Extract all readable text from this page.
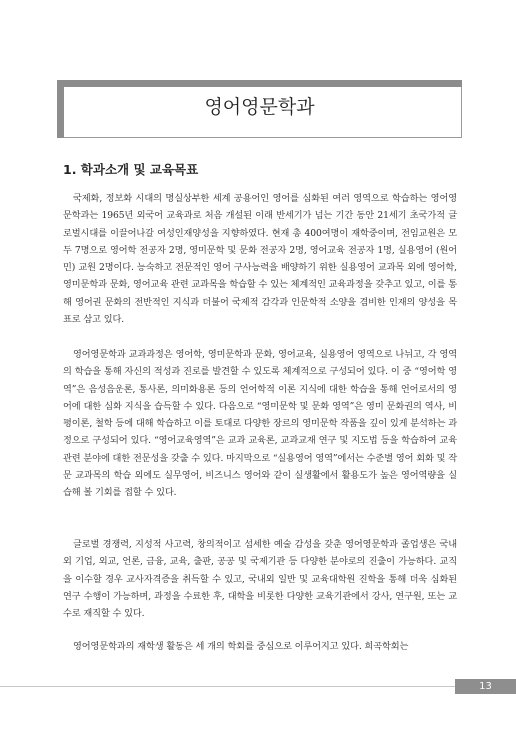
영어영문학과
1. 학과소개 및 교육목표

국제화, 정보화 시대의 명실상부한 세계 공용어인 영어를 심화된 여러 영역으로 학습하는 영어영문학과는 1965년 외국어 교육과로 처음 개설된 이래 반세기가 넘는 기간 동안 21세기 초국가적 글로벌시대를 이끌어나갈 여성인재양성을 지향하였다. 현재 총 400여명이 재학중이며, 전임교원은 모두 7명으로 영어학 전공자 2명, 영미문학 및 문화 전공자 2명, 영어교육 전공자 1명, 실용영어 (원어민) 교원 2명이다. 능숙하고 전문적인 영어 구사능력을 배양하기 위한 실용영어 교과목 외에 영어학, 영미문학과 문화, 영어교육 관련 교과목을 학습할 수 있는 체계적인 교육과정을 갖추고 있고, 이를 통해 영어권 문화의 전반적인 지식과 더불어 국제적 감각과 인문학적 소양을 겸비한 인재의 양성을 목표로 삼고 있다.

영어영문학과 교과과정은 영어학, 영미문학과 문화, 영어교육, 실용영어 영역으로 나뉘고, 각 영역의 학습을 통해 자신의 적성과 진로를 발견할 수 있도록 체계적으로 구성되어 있다. 이 중 “영어학 영역”은 음성음운론, 통사론, 의미화용론 등의 언어학적 이론 지식에 대한 학습을 통해 언어로서의 영어에 대한 심화 지식을 습득할 수 있다. 다음으로 “영미문학 및 문화 영역”은 영미 문화권의 역사, 비평이론, 철학 등에 대해 학습하고 이를 토대로 다양한 장르의 영미문학 작품을 깊이 있게 분석하는 과정으로 구성되어 있다. “영어교육영역”은 교과 교육론, 교과교재 연구 및 지도법 등을 학습하여 교육 관련 분야에 대한 전문성을 갖출 수 있다. 마지막으로 “실용영어 영역”에서는 수준별 영어 회화 및 작문 교과목의 학습 외에도 실무영어, 비즈니스 영어와 같이 실생활에서 활용도가 높은 영어역량을 실습해 볼 기회를 접할 수 있다.

글로벌 경쟁력, 지성적 사고력, 창의적이고 섬세한 예술 감성을 갖춘 영어영문학과 졸업생은 국내외 기업, 외교, 언론, 금융, 교육, 출판, 공공 및 국제기관 등 다양한 분야로의 진출이 가능하다. 교직을 이수할 경우 교사자격증을 취득할 수 있고, 국내외 일반 및 교육대학원 진학을 통해 더욱 심화된 연구 수행이 가능하며, 과정을 수료한 후, 대학을 비롯한 다양한 교육기관에서 강사, 연구원, 또는 교수로 재직할 수 있다.

영어영문학과의 재학생 활동은 세 개의 학회를 중심으로 이루어지고 있다. 희곡학회는

13
